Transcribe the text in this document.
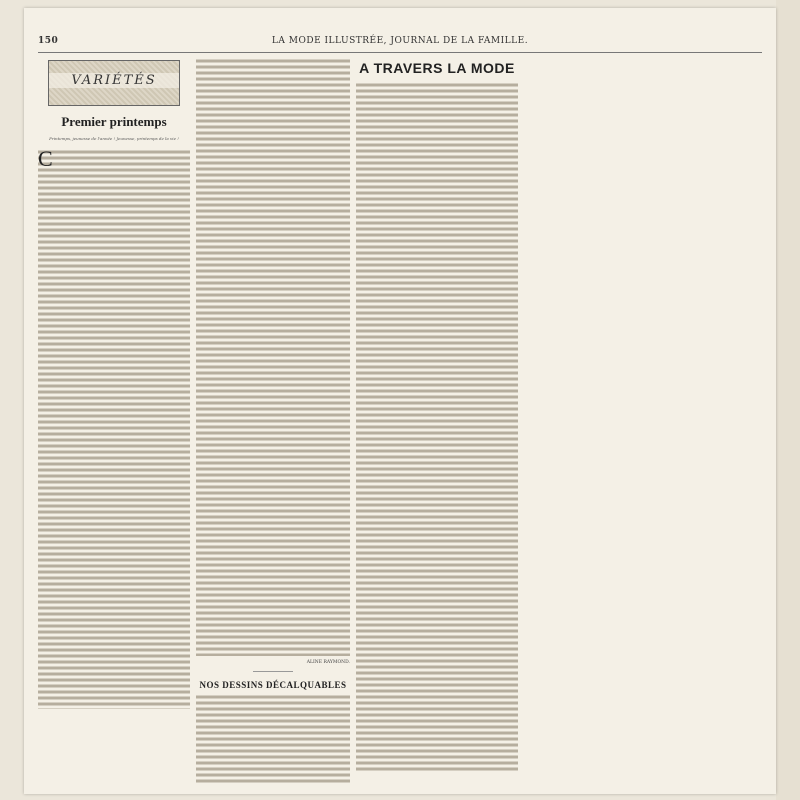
150	LA MODE ILLUSTRÉE, JOURNAL DE LA FAMILLE.
VARIÉTÉS
Premier printemps
Printemps, jeunesse de l'année ! Jeunesse, printemps de la vie !
C
ALINE RAYMOND.
NOS DESSINS DÉCALQUABLES
A TRAVERS LA MODE
